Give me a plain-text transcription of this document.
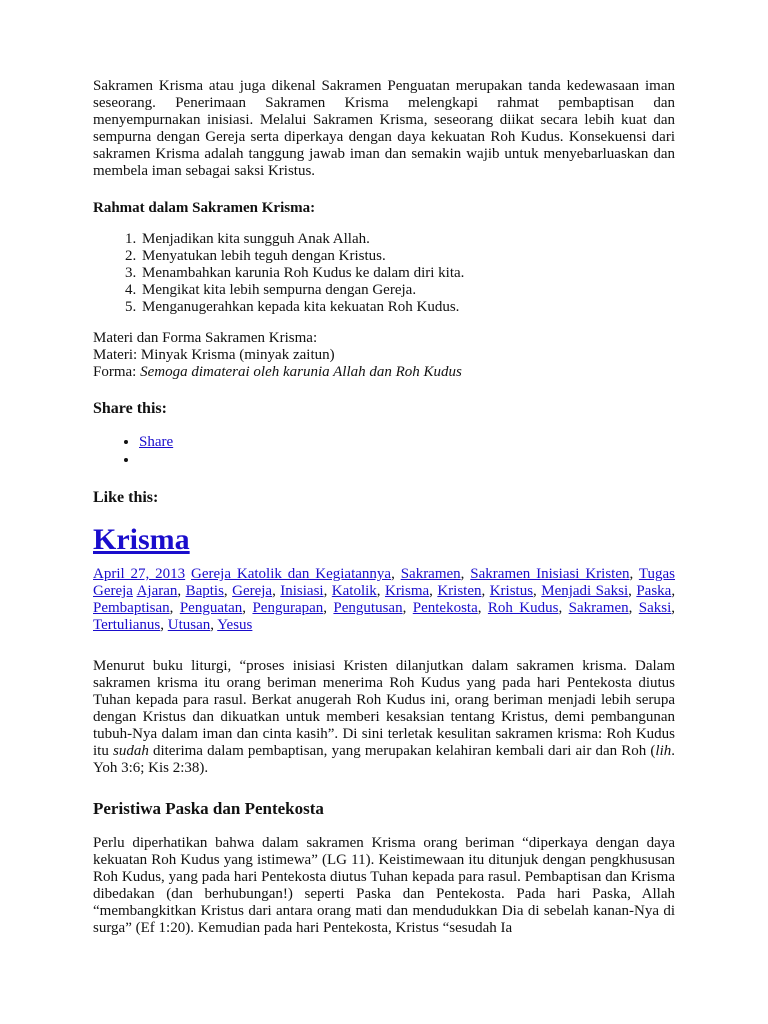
Sakramen Krisma atau juga dikenal Sakramen Penguatan merupakan tanda kedewasaan iman seseorang. Penerimaan Sakramen Krisma melengkapi rahmat pembaptisan dan menyempurnakan inisiasi. Melalui Sakramen Krisma, seseorang diikat secara lebih kuat dan sempurna dengan Gereja serta diperkaya dengan daya kekuatan Roh Kudus. Konsekuensi dari sakramen Krisma adalah tanggung jawab iman dan semakin wajib untuk menyebarluaskan dan membela iman sebagai saksi Kristus.

Rahmat dalam Sakramen Krisma:

1. Menjadikan kita sungguh Anak Allah.
2. Menyatukan lebih teguh dengan Kristus.
3. Menambahkan karunia Roh Kudus ke dalam diri kita.
4. Mengikat kita lebih sempurna dengan Gereja.
5. Menganugerahkan kepada kita kekuatan Roh Kudus.

Materi dan Forma Sakramen Krisma:

Materi: Minyak Krisma (minyak zaitun)

Forma: Semoga dimaterai oleh karunia Allah dan Roh Kudus

Share this:
• Share
•
Like this:
Krisma

April 27, 2013 Gereja Katolik dan Kegiatannya, Sakramen, Sakramen Inisiasi Kristen, Tugas Gereja Ajaran, Baptis, Gereja, Inisiasi, Katolik, Krisma, Kristen, Kristus, Menjadi Saksi, Paska, Pembaptisan, Penguatan, Pengurapan, Pengutusan, Pentekosta, Roh Kudus, Sakramen, Saksi, Tertulianus, Utusan, Yesus

Menurut buku liturgi, “proses inisiasi Kristen dilanjutkan dalam sakramen krisma. Dalam sakramen krisma itu orang beriman menerima Roh Kudus yang pada hari Pentekosta diutus Tuhan kepada para rasul. Berkat anugerah Roh Kudus ini, orang beriman menjadi lebih serupa dengan Kristus dan dikuatkan untuk memberi kesaksian tentang Kristus, demi pembangunan tubuh-Nya dalam iman dan cinta kasih”. Di sini terletak kesulitan sakramen krisma: Roh Kudus itu sudah diterima dalam pembaptisan, yang merupakan kelahiran kembali dari air dan Roh (lih. Yoh 3:6; Kis 2:38).

Peristiwa Paska dan Pentekosta

Perlu diperhatikan bahwa dalam sakramen Krisma orang beriman “diperkaya dengan daya kekuatan Roh Kudus yang istimewa” (LG 11). Keistimewaan itu ditunjuk dengan pengkhususan Roh Kudus, yang pada hari Pentekosta diutus Tuhan kepada para rasul. Pembaptisan dan Krisma dibedakan (dan berhubungan!) seperti Paska dan Pentekosta. Pada hari Paska, Allah “membangkitkan Kristus dari antara orang mati dan mendudukkan Dia di sebelah kanan-Nya di surga” (Ef 1:20). Kemudian pada hari Pentekosta, Kristus “sesudah Ia
